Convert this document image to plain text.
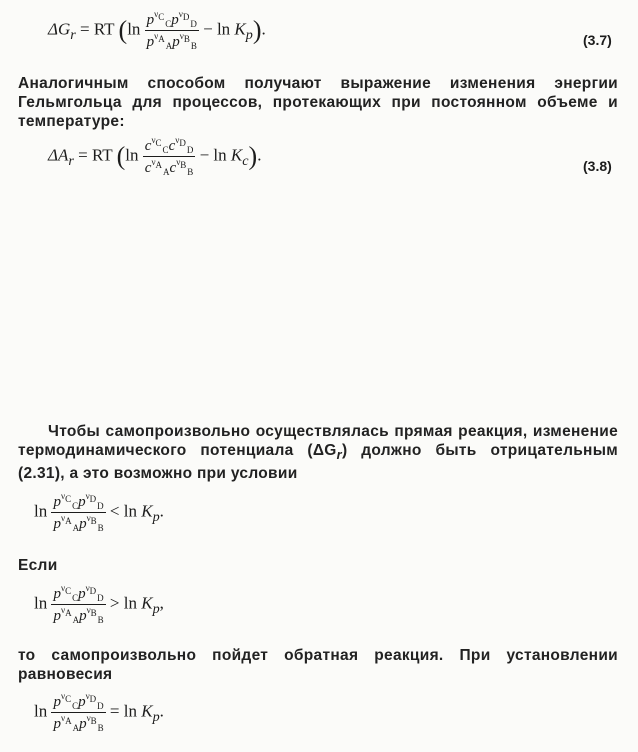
$\Delta G_r$ = RT $(\ln \frac{p^{\nu_C}_Cp^{\nu_D}_D}{p^{\nu_A}_Ap^{\nu_B}_B} - \ln K_p)$.
(3.7)
Аналогичным способом получают выражение изменения энергии Гельмгольца для процессов, протекающих при постоянном объеме и температуре:
$\Delta A_r$ = RT $(\ln \frac{c^{\nu_C}_Cc^{\nu_D}_D}{c^{\nu_A}_Ac^{\nu_B}_B} - \ln K_c)$.
(3.8)
Чтобы самопроизвольно осуществлялась прямая реакция, изменение термодинамического потенциала $(\Delta G_r)$ должно быть отрицательным (2.31), а это возможно при условии
$\ln \frac{p^{\nu_C}_Cp^{\nu_D}_D}{p^{\nu_A}_Ap^{\nu_B}_B} < \ln K_p$.
Если
$\ln \frac{p^{\nu_C}_Cp^{\nu_D}_D}{p^{\nu_A}_Ap^{\nu_B}_B} > \ln K_p$,
то самопроизвольно пойдет обратная реакция. При установлении равновесия
$\ln \frac{p^{\nu_C}_Cp^{\nu_D}_D}{p^{\nu_A}_Ap^{\nu_B}_B} = \ln K_p$.
